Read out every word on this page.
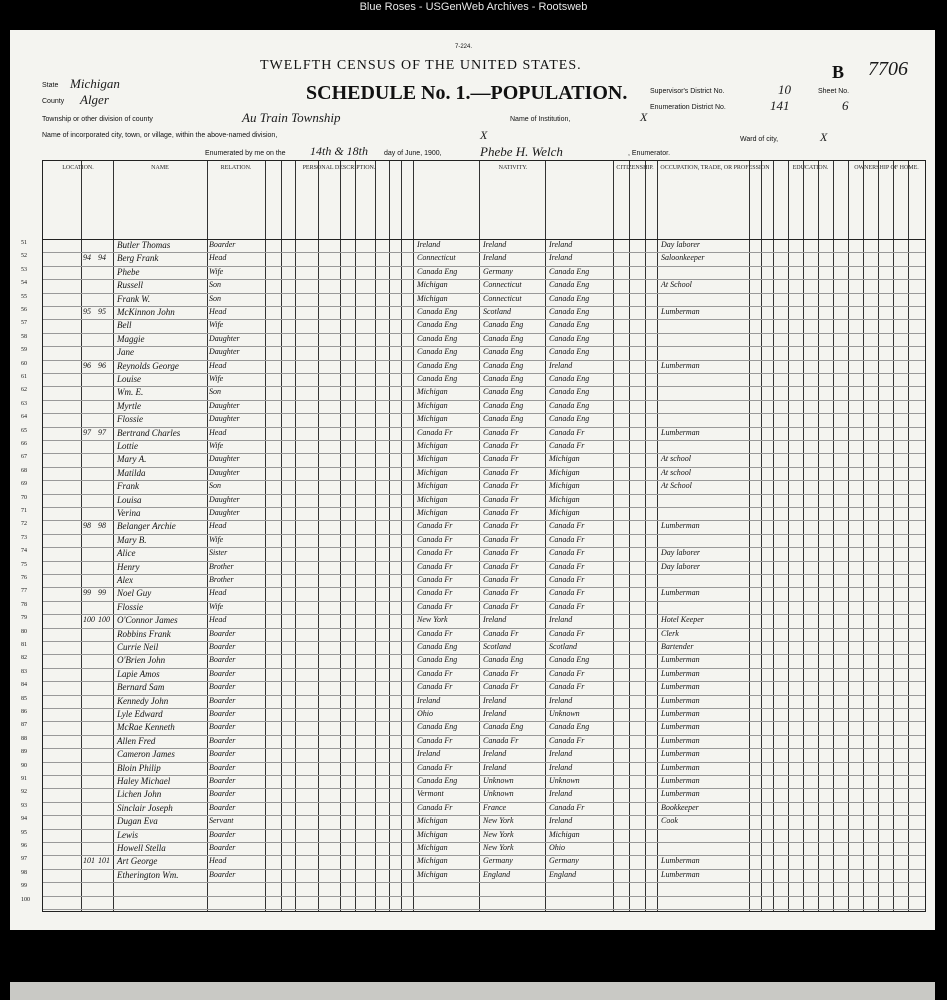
Blue Roses - USGenWeb Archives - Rootsweb
7-224.
TWELFTH CENSUS OF THE UNITED STATES.
SCHEDULE No. 1.—POPULATION.
B 7706
State Michigan
County Alger
Township or other division of county	Au Train Township
Name of incorporated city, town, or village, within the above-named division,	X
Name of Institution,	X
Ward of city,	X
Supervisor's District No.	10
Enumeration District No.	141
Sheet No.
6
Enumerated by me on the 14th & 18th day of June, 1900,	Phebe H. Welch	, Enumerator.
LOCATION.	NAME	RELATION.	PERSONAL DESCRIPTION.	NATIVITY.	CITIZENSHIP.	OCCUPATION, TRADE, OR PROFESSION	EDUCATION.	OWNERSHIP OF HOME.
51	Butler Thomas	Boarder	Ireland	Ireland	Ireland	Day laborer
52	94 94 Berg Frank	Head	Connecticut	Ireland	Ireland	Saloonkeeper
53	Phebe	Wife	Canada Eng	Germany	Canada Eng
54	Russell	Son	Michigan	Connecticut	Canada Eng	At School
55	Frank W.	Son	Michigan	Connecticut	Canada Eng
56	95 95 McKinnon John	Head	Canada Eng	Scotland	Canada Eng	Lumberman
57	Bell	Wife	Canada Eng	Canada Eng	Canada Eng
58	Maggie	Daughter	Canada Eng	Canada Eng	Canada Eng
59	Jane	Daughter	Canada Eng	Canada Eng	Canada Eng
60	96 96 Reynolds George	Head	Canada Eng	Canada Eng	Ireland	Lumberman
61	Louise	Wife	Canada Eng	Canada Eng	Canada Eng
62	Wm. E.	Son	Michigan	Canada Eng	Canada Eng
63	Myrtle	Daughter	Michigan	Canada Eng	Canada Eng
64	Flossie	Daughter	Michigan	Canada Eng	Canada Eng
65	97 97 Bertrand Charles	Head	Canada Fr	Canada Fr	Canada Fr	Lumberman
66	Lottie	Wife	Michigan	Canada Fr	Canada Fr
67	Mary A.	Daughter	Michigan	Canada Fr	Michigan	At school
68	Matilda	Daughter	Michigan	Canada Fr	Michigan	At school
69	Frank	Son	Michigan	Canada Fr	Michigan	At School
70	Louisa	Daughter	Michigan	Canada Fr	Michigan
71	Verina	Daughter	Michigan	Canada Fr	Michigan
72	98 98 Belanger Archie	Head	Canada Fr	Canada Fr	Canada Fr	Lumberman
73	Mary B.	Wife	Canada Fr	Canada Fr	Canada Fr
74	Alice	Sister	Canada Fr	Canada Fr	Canada Fr	Day laborer
75	Henry	Brother	Canada Fr	Canada Fr	Canada Fr	Day laborer
76	Alex	Brother	Canada Fr	Canada Fr	Canada Fr
77	99 99 Noel Guy	Head	Canada Fr	Canada Fr	Canada Fr	Lumberman
78	Flossie	Wife	Canada Fr	Canada Fr	Canada Fr
79	100 100 O'Connor James	Head	New York	Ireland	Ireland	Hotel Keeper
80	Robbins Frank	Boarder	Canada Fr	Canada Fr	Canada Fr	Clerk
81	Currie Neil	Boarder	Canada Eng	Scotland	Scotland	Bartender
82	O'Brien John	Boarder	Canada Eng	Canada Eng	Canada Eng	Lumberman
83	Lapie Amos	Boarder	Canada Fr	Canada Fr	Canada Fr	Lumberman
84	Bernard Sam	Boarder	Canada Fr	Canada Fr	Canada Fr	Lumberman
85	Kennedy John	Boarder	Ireland	Ireland	Ireland	Lumberman
86	Lyle Edward	Boarder	Ohio	Ireland	Unknown	Lumberman
87	McRae Kenneth	Boarder	Canada Eng	Canada Eng	Canada Eng	Lumberman
88	Allen Fred	Boarder	Canada Fr	Canada Fr	Canada Fr	Lumberman
89	Cameron James	Boarder	Ireland	Ireland	Ireland	Lumberman
90	Bloin Philip	Boarder	Canada Fr	Ireland	Ireland	Lumberman
91	Haley Michael	Boarder	Canada Eng	Unknown	Unknown	Lumberman
92	Lichen John	Boarder	Vermont	Unknown	Ireland	Lumberman
93	Sinclair Joseph	Boarder	Canada Fr	France	Canada Fr	Bookkeeper
94	Dugan Eva	Servant	Michigan	New York	Ireland	Cook
95	Lewis	Boarder	Michigan	New York	Michigan
96	Howell Stella	Boarder	Michigan	New York	Ohio
97	101 101 Art George	Head	Michigan	Germany	Germany	Lumberman
98	Etherington Wm.	Boarder	Michigan	England	England	Lumberman
99
100
